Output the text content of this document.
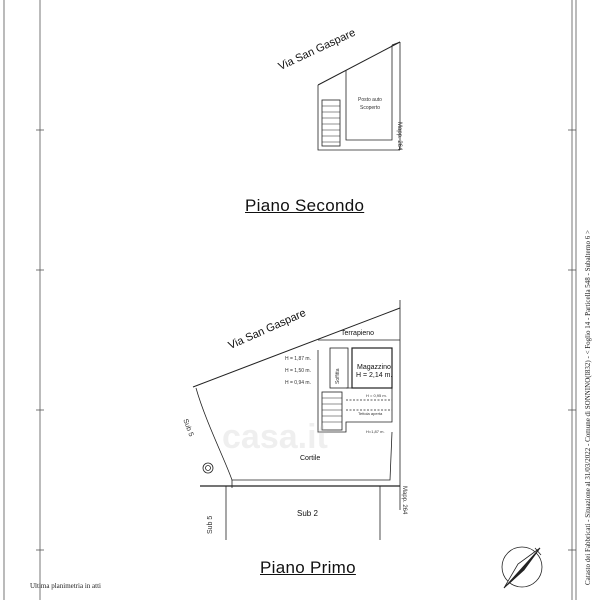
casa.it
Via San Gaspare
Posto auto
Scoperto
Mapp. 264
Piano Secondo
Via San Gaspare	Terrapieno
H = 1,87 m.
H = 1,50 m.
H = 0,94 m.	Soffitta
Magazzino
H = 2,14 m.
H = 0,95 m.
Tettoia aperta
H=1,87 m.
Cortile
Sub 2
Sub 5
Sub 5
Mapp. 264
Piano Primo
Ultima planimetria in atti
Catasto dei Fabbricati - Situazione al 31/03/2022 - Comune di SONNINO(I832) - < Foglio 14 - Particella 548 - Subalterno 6 >
